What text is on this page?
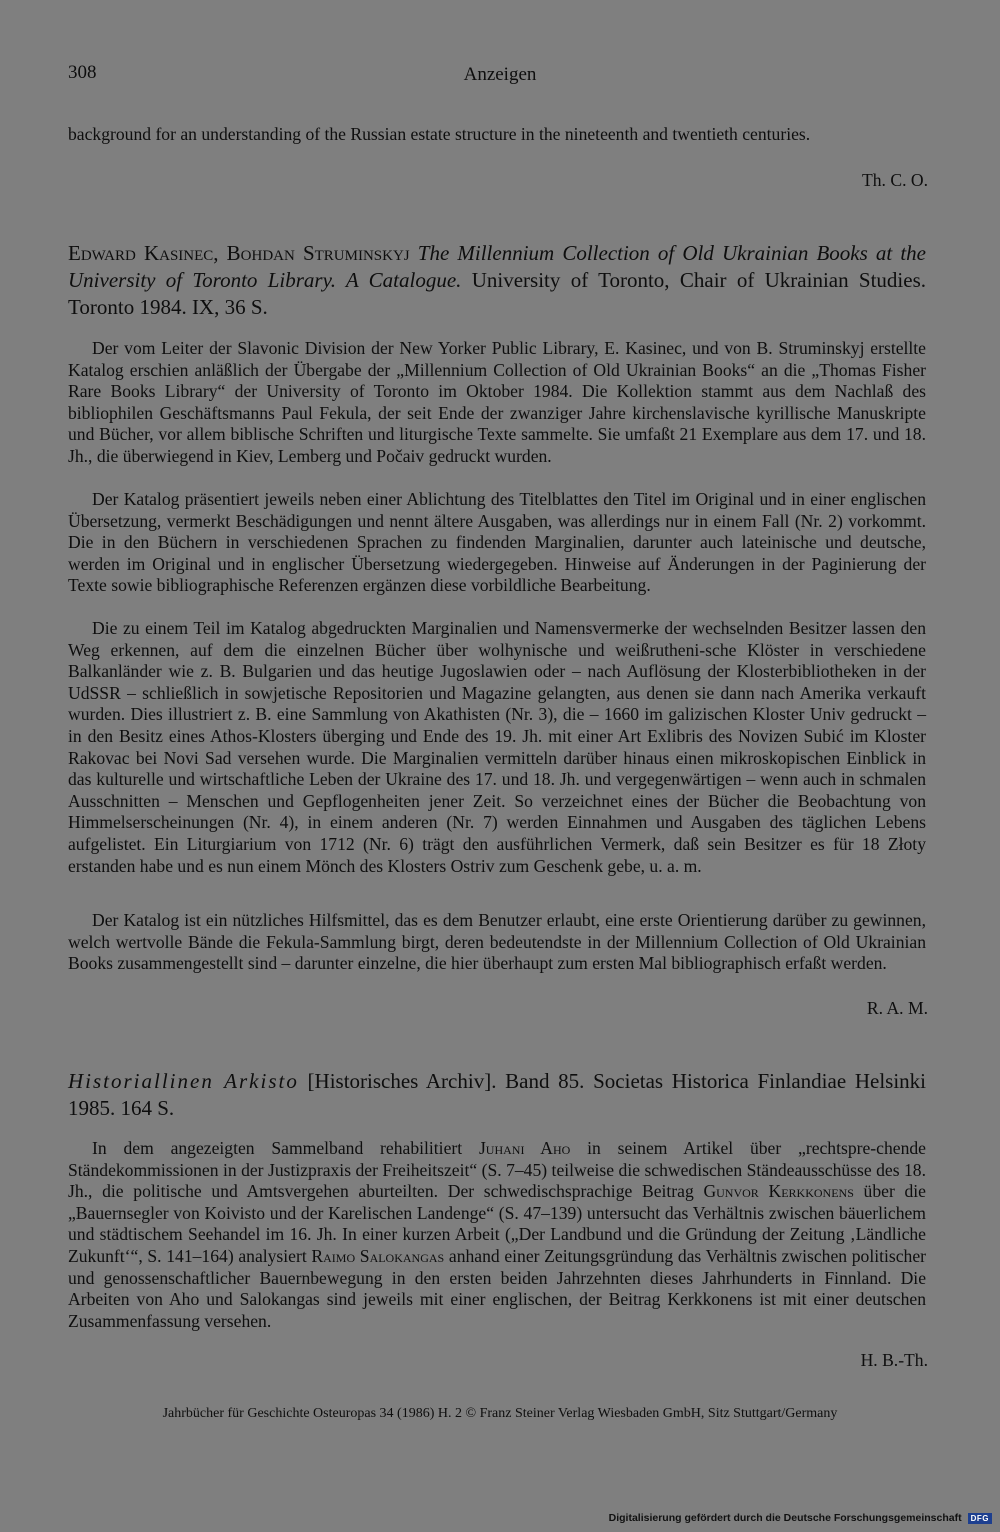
308	Anzeigen

background for an understanding of the Russian estate structure in the nineteenth and twentieth centuries.

Th. C. O.
Edward Kasinec, Bohdan Struminskyj The Millennium Collection of Old Ukrainian Books at the University of Toronto Library. A Catalogue. University of Toronto, Chair of Ukrainian Studies. Toronto 1984. IX, 36 S.

Der vom Leiter der Slavonic Division der New Yorker Public Library, E. Kasinec, und von B. Struminskyj erstellte Katalog erschien anläßlich der Übergabe der „Millennium Collection of Old Ukrainian Books“ an die „Thomas Fisher Rare Books Library“ der University of Toronto im Oktober 1984. Die Kollektion stammt aus dem Nachlaß des bibliophilen Geschäftsmanns Paul Fekula, der seit Ende der zwanziger Jahre kirchenslavische kyrillische Manuskripte und Bücher, vor allem biblische Schriften und liturgische Texte sammelte. Sie umfaßt 21 Exemplare aus dem 17. und 18. Jh., die überwiegend in Kiev, Lemberg und Počaiv gedruckt wurden.

Der Katalog präsentiert jeweils neben einer Ablichtung des Titelblattes den Titel im Original und in einer englischen Übersetzung, vermerkt Beschädigungen und nennt ältere Ausgaben, was allerdings nur in einem Fall (Nr. 2) vorkommt. Die in den Büchern in verschiedenen Sprachen zu findenden Marginalien, darunter auch lateinische und deutsche, werden im Original und in englischer Übersetzung wiedergegeben. Hinweise auf Änderungen in der Paginierung der Texte sowie bibliographische Referenzen ergänzen diese vorbildliche Bearbeitung.

Die zu einem Teil im Katalog abgedruckten Marginalien und Namensvermerke der wechselnden Besitzer lassen den Weg erkennen, auf dem die einzelnen Bücher über wolhynische und weißrutheni-sche Klöster in verschiedene Balkanländer wie z. B. Bulgarien und das heutige Jugoslawien oder – nach Auflösung der Klosterbibliotheken in der UdSSR – schließlich in sowjetische Repositorien und Magazine gelangten, aus denen sie dann nach Amerika verkauft wurden. Dies illustriert z. B. eine Sammlung von Akathisten (Nr. 3), die – 1660 im galizischen Kloster Univ gedruckt – in den Besitz eines Athos-Klosters überging und Ende des 19. Jh. mit einer Art Exlibris des Novizen Subić im Kloster Rakovac bei Novi Sad versehen wurde. Die Marginalien vermitteln darüber hinaus einen mikroskopischen Einblick in das kulturelle und wirtschaftliche Leben der Ukraine des 17. und 18. Jh. und vergegenwärtigen – wenn auch in schmalen Ausschnitten – Menschen und Gepflogenheiten jener Zeit. So verzeichnet eines der Bücher die Beobachtung von Himmelserscheinungen (Nr. 4), in einem anderen (Nr. 7) werden Einnahmen und Ausgaben des täglichen Lebens aufgelistet. Ein Liturgiarium von 1712 (Nr. 6) trägt den ausführlichen Vermerk, daß sein Besitzer es für 18 Złoty erstanden habe und es nun einem Mönch des Klosters Ostriv zum Geschenk gebe, u. a. m.

Der Katalog ist ein nützliches Hilfsmittel, das es dem Benutzer erlaubt, eine erste Orientierung darüber zu gewinnen, welch wertvolle Bände die Fekula-Sammlung birgt, deren bedeutendste in der Millennium Collection of Old Ukrainian Books zusammengestellt sind – darunter einzelne, die hier überhaupt zum ersten Mal bibliographisch erfaßt werden.

R. A. M.
Historiallinen Arkisto [Historisches Archiv]. Band 85. Societas Historica Finlandiae Helsinki 1985. 164 S.

In dem angezeigten Sammelband rehabilitiert Juhani Aho in seinem Artikel über „rechtspre-chende Ständekommissionen in der Justizpraxis der Freiheitszeit“ (S. 7–45) teilweise die schwedischen Ständeausschüsse des 18. Jh., die politische und Amtsvergehen aburteilten. Der schwedischsprachige Beitrag Gunvor Kerkkonens über die „Bauernsegler von Koivisto und der Karelischen Landenge“ (S. 47–139) untersucht das Verhältnis zwischen bäuerlichem und städtischem Seehandel im 16. Jh. In einer kurzen Arbeit („Der Landbund und die Gründung der Zeitung ‚Ländliche Zukunft‘“, S. 141–164) analysiert Raimo Salokangas anhand einer Zeitungsgründung das Verhältnis zwischen politischer und genossenschaftlicher Bauernbewegung in den ersten beiden Jahrzehnten dieses Jahrhunderts in Finnland. Die Arbeiten von Aho und Salokangas sind jeweils mit einer englischen, der Beitrag Kerkkonens ist mit einer deutschen Zusammenfassung versehen.

H. B.-Th.
Jahrbücher für Geschichte Osteuropas 34 (1986) H. 2 © Franz Steiner Verlag Wiesbaden GmbH, Sitz Stuttgart/Germany
Digitalisierung gefördert durch die Deutsche Forschungsgemeinschaft	DFG
